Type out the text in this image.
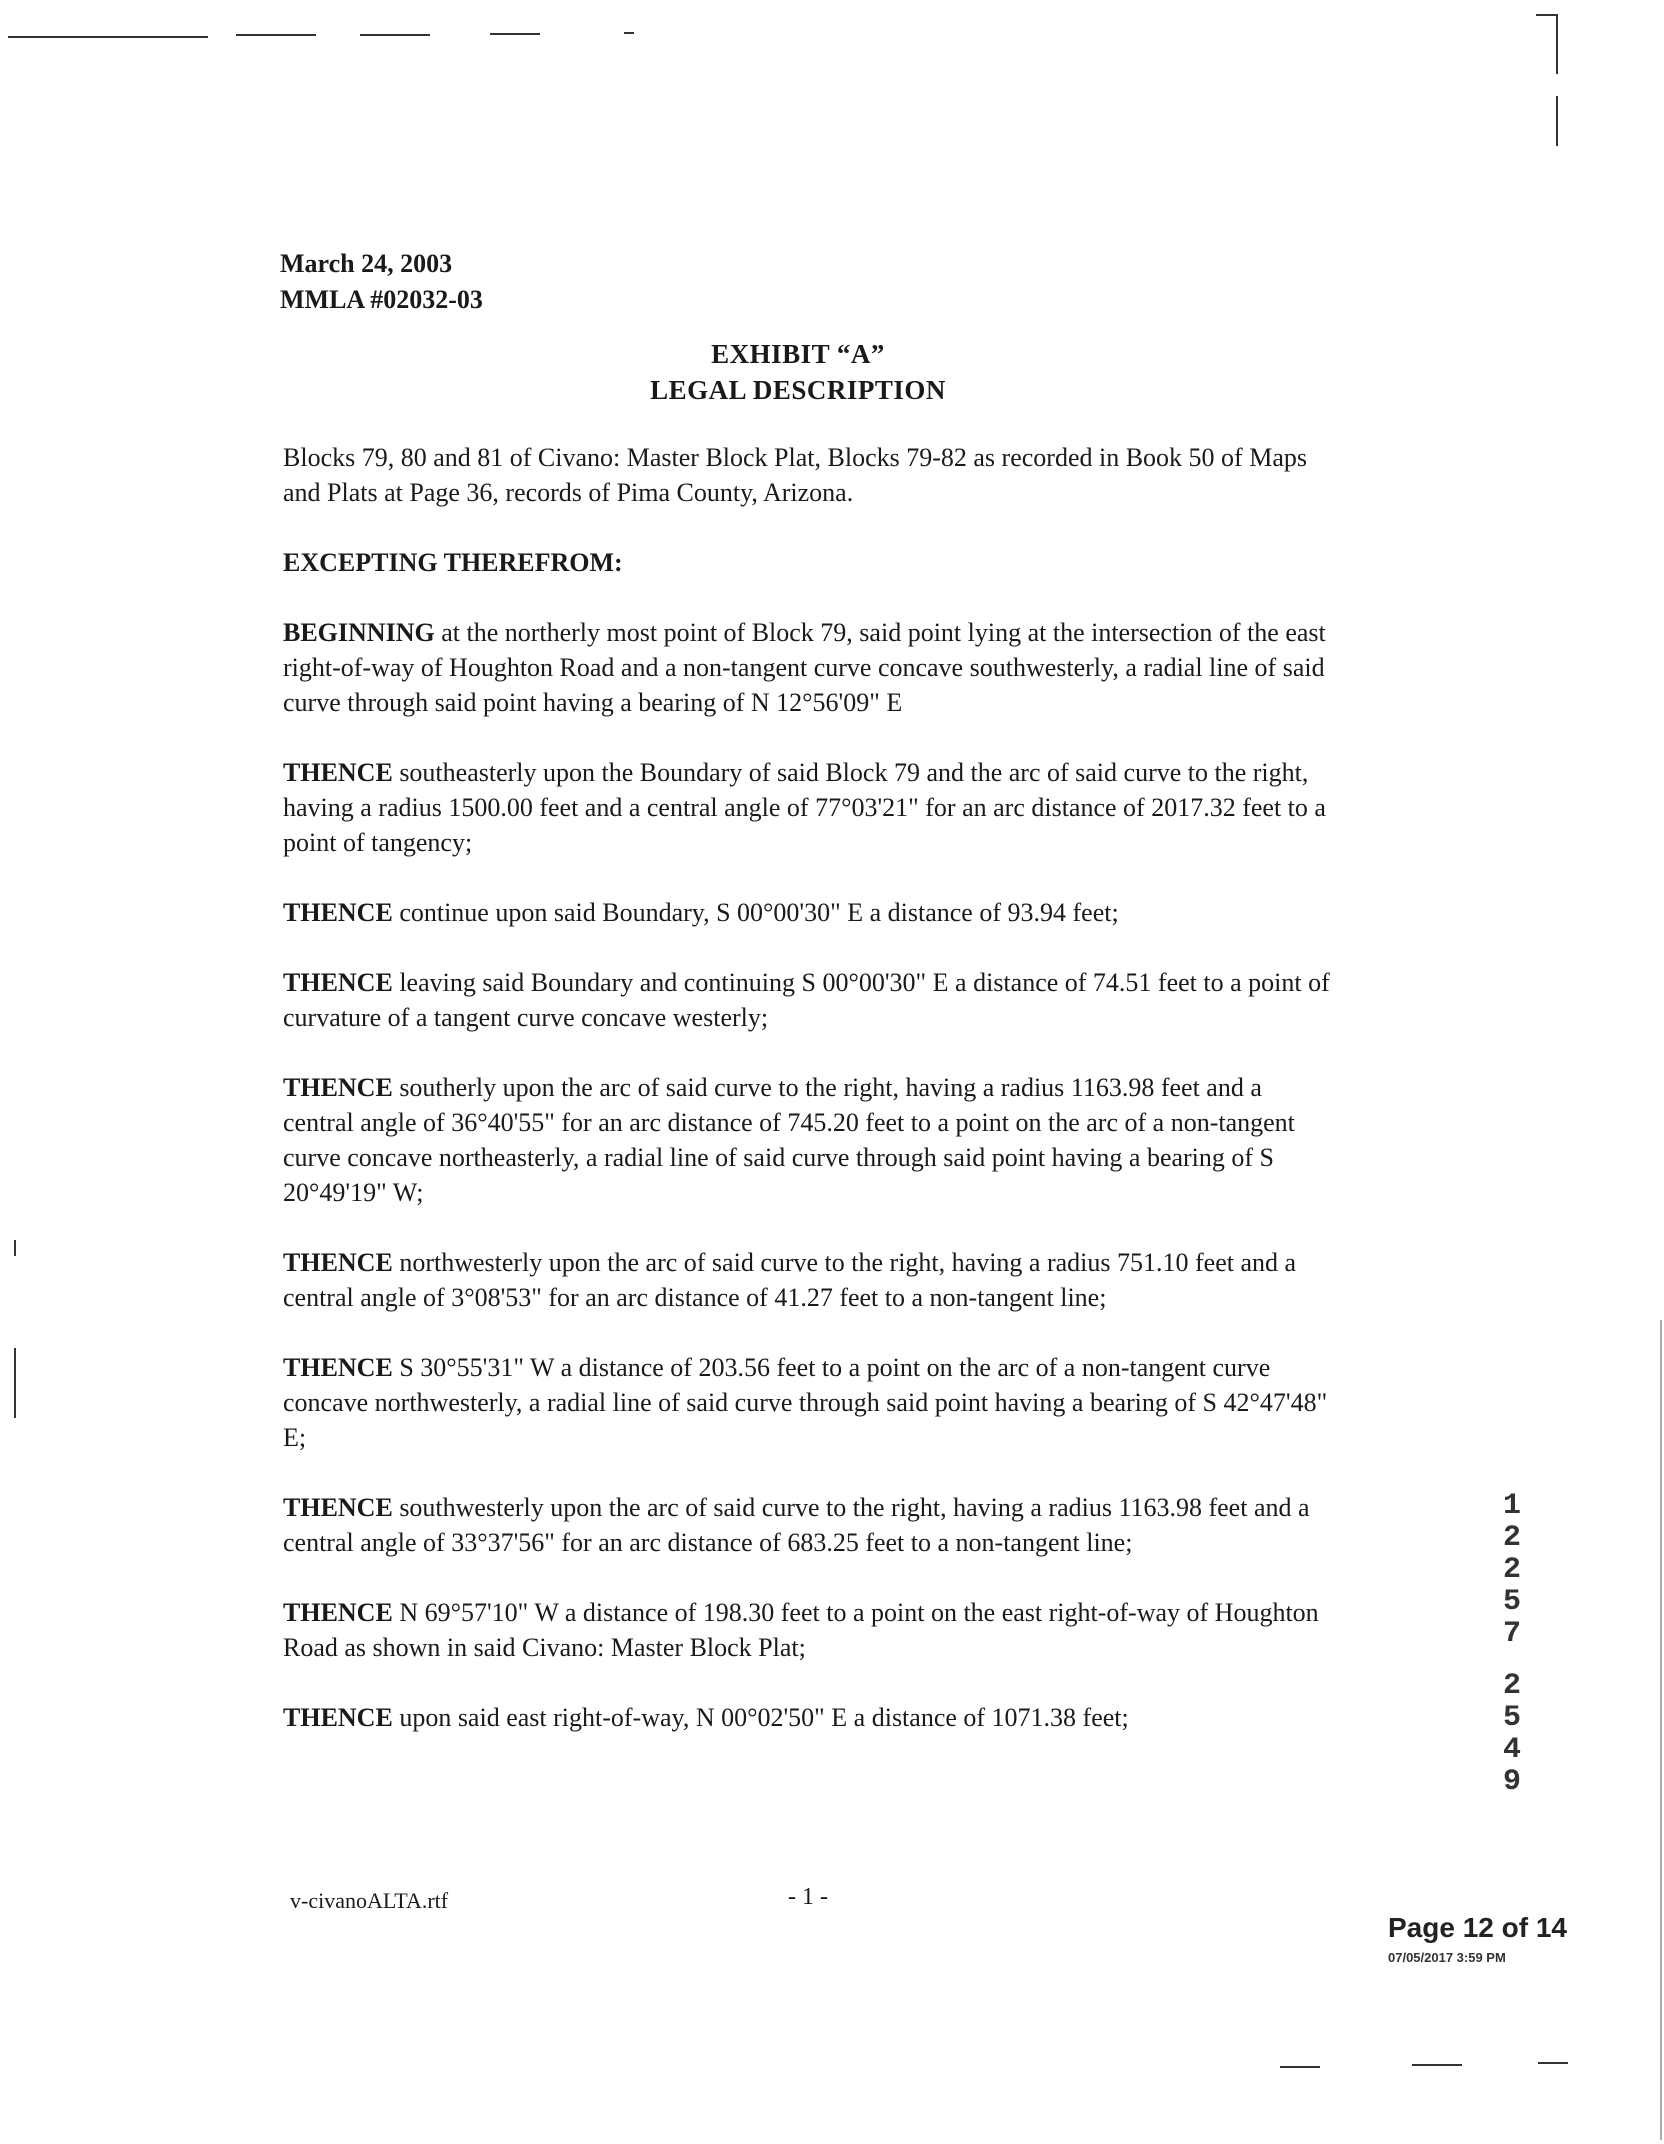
March 24, 2003
MMLA #02032-03
EXHIBIT “A”
LEGAL DESCRIPTION

Blocks 79, 80 and 81 of Civano: Master Block Plat, Blocks 79-82 as recorded in Book 50 of Maps and Plats at Page 36, records of Pima County, Arizona.

EXCEPTING THEREFROM:

BEGINNING at the northerly most point of Block 79, said point lying at the intersection of the east right-of-way of Houghton Road and a non-tangent curve concave southwesterly, a radial line of said curve through said point having a bearing of N 12°56'09" E

THENCE southeasterly upon the Boundary of said Block 79 and the arc of said curve to the right, having a radius 1500.00 feet and a central angle of 77°03'21" for an arc distance of 2017.32 feet to a point of tangency;

THENCE continue upon said Boundary, S 00°00'30" E a distance of 93.94 feet;

THENCE leaving said Boundary and continuing S 00°00'30" E a distance of 74.51 feet to a point of curvature of a tangent curve concave westerly;

THENCE southerly upon the arc of said curve to the right, having a radius 1163.98 feet and a central angle of 36°40'55" for an arc distance of 745.20 feet to a point on the arc of a non-tangent curve concave northeasterly, a radial line of said curve through said point having a bearing of S 20°49'19" W;

THENCE northwesterly upon the arc of said curve to the right, having a radius 751.10 feet and a central angle of 3°08'53" for an arc distance of 41.27 feet to a non-tangent line;

THENCE S 30°55'31" W a distance of 203.56 feet to a point on the arc of a non-tangent curve concave northwesterly, a radial line of said curve through said point having a bearing of S 42°47'48" E;

THENCE southwesterly upon the arc of said curve to the right, having a radius 1163.98 feet and a central angle of 33°37'56" for an arc distance of 683.25 feet to a non-tangent line;

THENCE N 69°57'10" W a distance of 198.30 feet to a point on the east right-of-way of Houghton Road as shown in said Civano: Master Block Plat;

THENCE upon said east right-of-way, N 00°02'50" E a distance of 1071.38 feet;

1
2
2
5
7
2
5
4
9
v-civanoALTA.rtf	- 1 -
Page 12 of 14
07/05/2017 3:59 PM
